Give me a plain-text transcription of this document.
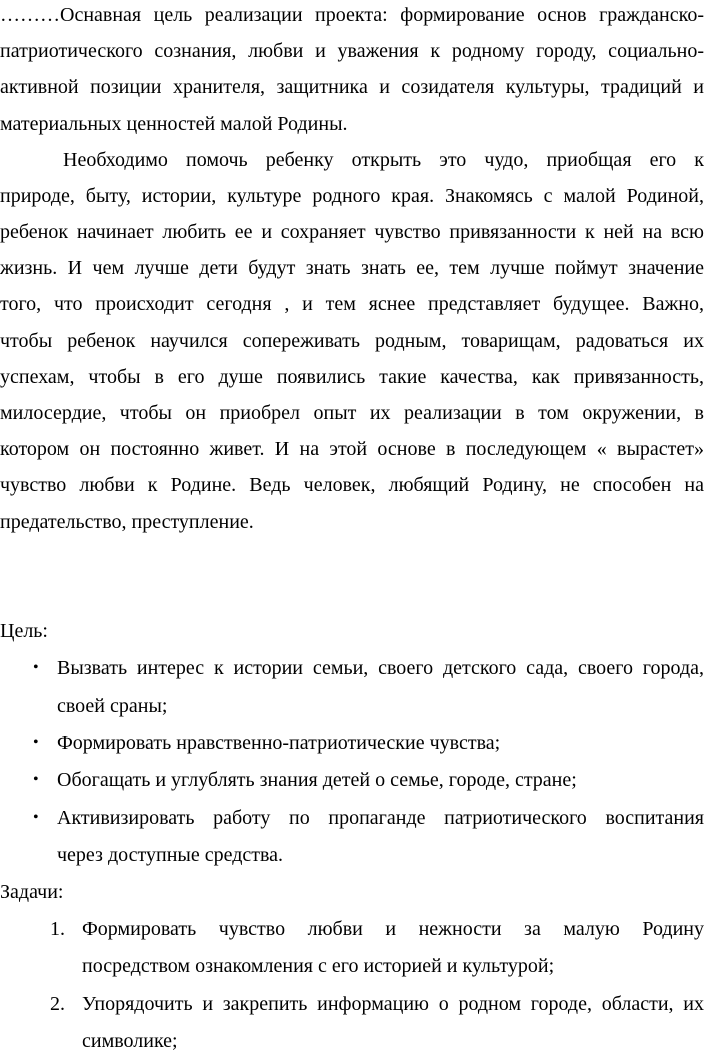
………Оснавная цель реализации проекта: формирование основ гражданско-
патриотического сознания, любви и уважения к родному городу, социально-
активной позиции хранителя, защитника и созидателя культуры, традиций и
материальных ценностей малой Родины.
Необходимо помочь ребенку открыть это чудо, приобщая его к
природе, быту, истории, культуре родного края. Знакомясь с малой Родиной,
ребенок начинает любить ее и сохраняет чувство привязанности к ней на всю
жизнь. И чем лучше дети будут знать знать ее, тем лучше поймут значение
того, что происходит сегодня , и тем яснее представляет будущее. Важно,
чтобы ребенок научился сопереживать родным, товарищам, радоваться их
успехам, чтобы в его душе появились такие качества, как привязанность,
милосердие, чтобы он приобрел опыт их реализации в том окружении, в
котором он постоянно живет. И на этой основе в последующем « вырастет»
чувство любви к Родине. Ведь человек, любящий Родину, не способен на
предательство, преступление.
Цель:
• Вызвать интерес к истории семьи, своего детского сада, своего города,
своей сраны;
• Формировать нравственно-патриотические чувства;
• Обогащать и углублять знания детей о семье, городе, стране;
• Активизировать работу по пропаганде патриотического воспитания
через доступные средства.
Задачи:
1. Формировать чувство любви и нежности за малую Родину
посредством ознакомления с его историей и культурой;
2. Упорядочить и закрепить информацию о родном городе, области, их
символике;
